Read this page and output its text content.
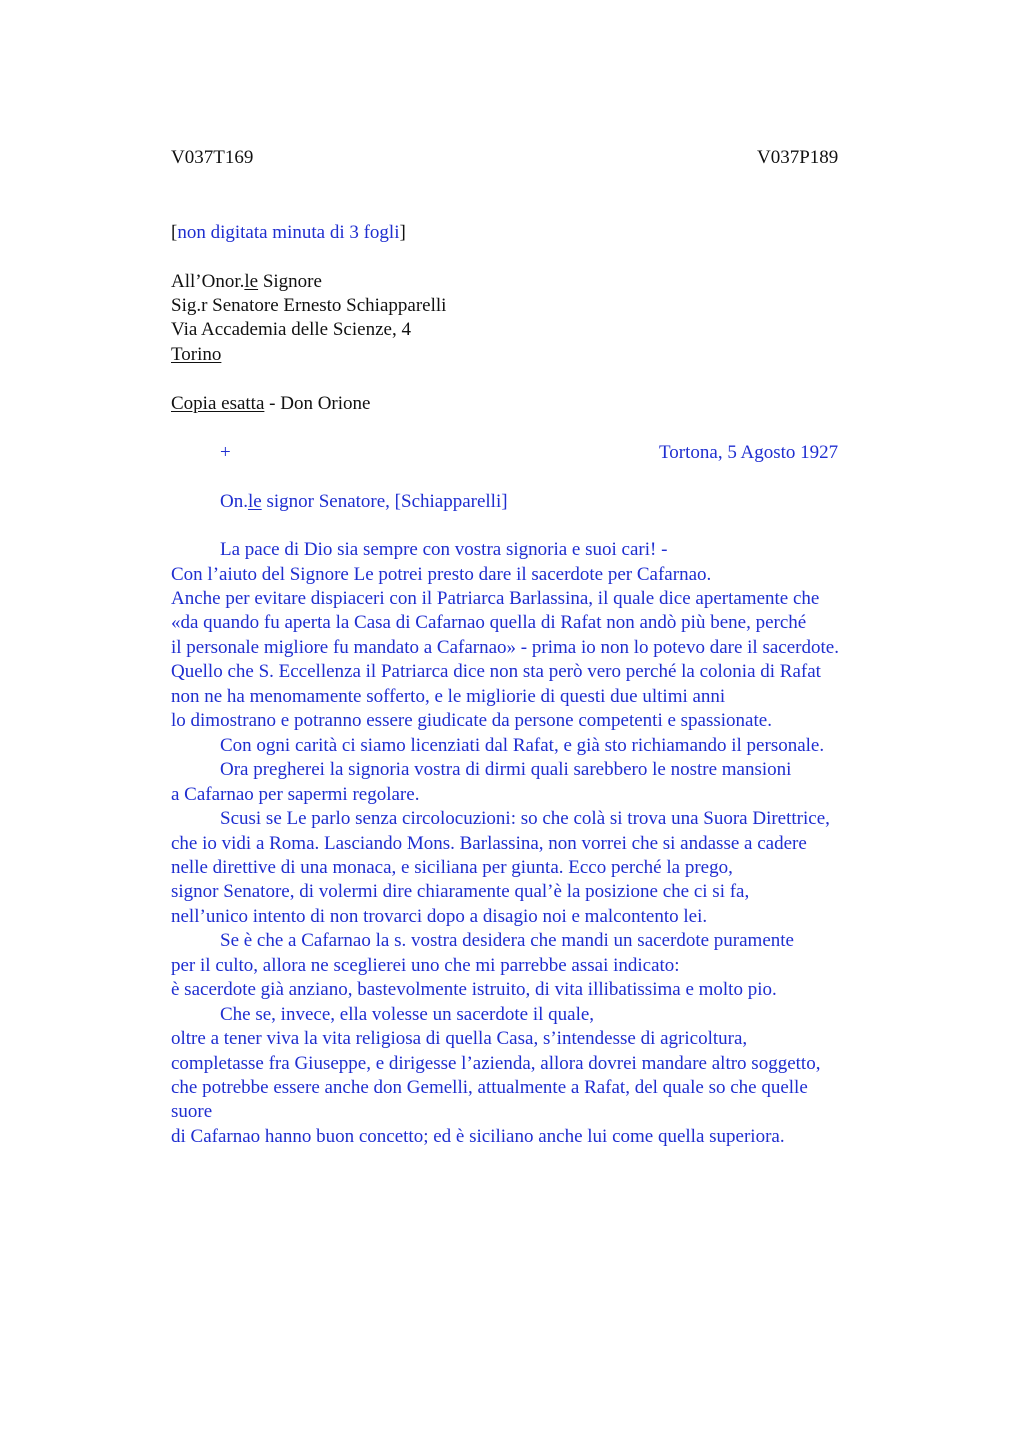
V037T169	V037P189
[non digitata minuta di 3 fogli]
All’Onor.le Signore
Sig.r Senatore Ernesto Schiapparelli
Via Accademia delle Scienze, 4
Torino
Copia esatta - Don Orione
+	Tortona, 5 Agosto 1927
On.le signor Senatore, [Schiapparelli]
La pace di Dio sia sempre con vostra signoria e suoi cari! -
Con l’aiuto del Signore Le potrei presto dare il sacerdote per Cafarnao.
Anche per evitare dispiaceri con il Patriarca Barlassina, il quale dice apertamente che
«da quando fu aperta la Casa di Cafarnao quella di Rafat non andò più bene, perché
il personale migliore fu mandato a Cafarnao» - prima io non lo potevo dare il sacerdote.
Quello che S. Eccellenza il Patriarca dice non sta però vero perché la colonia di Rafat
non ne ha menomamente sofferto, e le migliorie di questi due ultimi anni
lo dimostrano e potranno essere giudicate da persone competenti e spassionate.
Con ogni carità ci siamo licenziati dal Rafat, e già sto richiamando il personale.
Ora pregherei la signoria vostra di dirmi quali sarebbero le nostre mansioni
a Cafarnao per sapermi regolare.
Scusi se Le parlo senza circolocuzioni: so che colà si trova una Suora Direttrice,
che io vidi a Roma. Lasciando Mons. Barlassina, non vorrei che si andasse a cadere
nelle direttive di una monaca, e siciliana per giunta. Ecco perché la prego,
signor Senatore, di volermi dire chiaramente qual’è la posizione che ci si fa,
nell’unico intento di non trovarci dopo a disagio noi e malcontento lei.
Se è che a Cafarnao la s. vostra desidera che mandi un sacerdote puramente
per il culto, allora ne sceglierei uno che mi parrebbe assai indicato:
è sacerdote già anziano, bastevolmente istruito, di vita illibatissima e molto pio.
Che se, invece, ella volesse un sacerdote il quale,
oltre a tener viva la vita religiosa di quella Casa, s’intendesse di agricoltura,
completasse fra Giuseppe, e dirigesse l’azienda, allora dovrei mandare altro soggetto,
che potrebbe essere anche don Gemelli, attualmente a Rafat, del quale so che quelle
suore
di Cafarnao hanno buon concetto; ed è siciliano anche lui come quella superiora.
